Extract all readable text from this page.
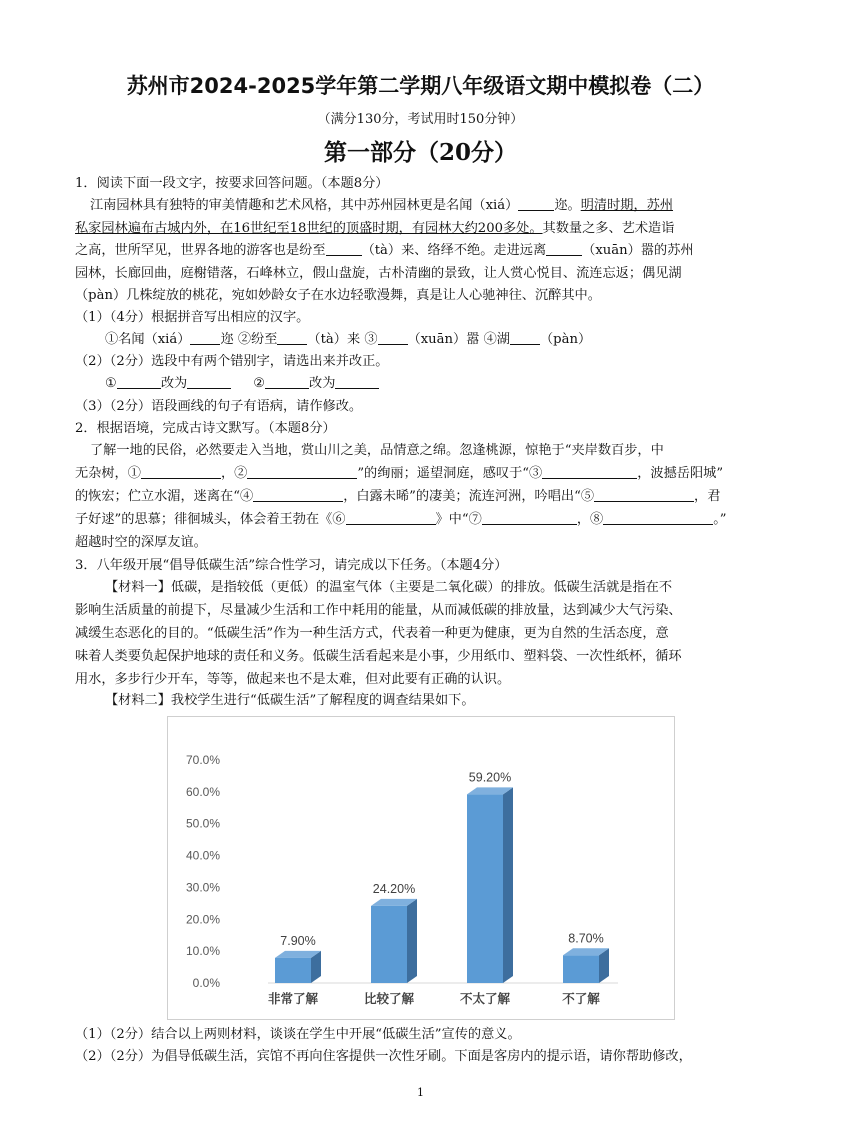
苏州市2024-2025学年第二学期八年级语文期中模拟卷（二）
（满分130分，考试用时150分钟）
第一部分（20分）
1．阅读下面一段文字，按要求回答问题。（本题8分）
江南园林具有独特的审美情趣和艺术风格，其中苏州园林更是名闻（xiá）	迩。明清时期，苏州
私家园林遍布古城内外，在16世纪至18世纪的顶盛时期，有园林大约200多处。其数量之多、艺术造诣
之高，世所罕见，世界各地的游客也是纷至	（tà）来、络绎不绝。走进远离	（xuān）嚣的苏州
园林，长廊回曲，庭榭错落，石峰林立，假山盘旋，古朴清幽的景致，让人赏心悦目、流连忘返；偶见湖
（pàn）几株绽放的桃花，宛如妙龄女子在水边轻歌漫舞，真是让人心驰神往、沉醉其中。
（1）（4分）根据拼音写出相应的汉字。
①名闻（xiá） 迩 ②纷至 （tà）来 ③ （xuān）嚣 ④湖 （pàn）
（2）（2分）选段中有两个错别字，请选出来并改正。
①	改为	②	改为
（3）（2分）语段画线的句子有语病，请作修改。
2．根据语境，完成古诗文默写。（本题8分）
了解一地的民俗，必然要走入当地，赏山川之美，品情意之绵。忽逢桃源，惊艳于“夹岸数百步，中
无杂树，①	，②	”的绚丽；遥望洞庭，感叹于“③	，波撼岳阳城”
的恢宏；伫立水湄，迷离在“④	，白露未晞”的凄美；流连河洲，吟唱出“⑤	，君
子好逑”的思慕；徘徊城头，体会着王勃在《⑥	》中“⑦	，⑧	。”
超越时空的深厚友谊。
3．八年级开展“倡导低碳生活”综合性学习，请完成以下任务。（本题4分）
【材料一】低碳，是指较低（更低）的温室气体（主要是二氧化碳）的排放。低碳生活就是指在不
影响生活质量的前提下，尽量减少生活和工作中耗用的能量，从而减低碳的排放量，达到减少大气污染、
减缓生态恶化的目的。“低碳生活”作为一种生活方式，代表着一种更为健康，更为自然的生活态度，意
味着人类要负起保护地球的责任和义务。低碳生活看起来是小事，少用纸巾、塑料袋、一次性纸杯，循环
用水，多步行少开车，等等，做起来也不是太难，但对此要有正确的认识。
【材料二】我校学生进行“低碳生活”了解程度的调查结果如下。
0.0%
10.0%
20.0%
30.0%
40.0%
50.0%
60.0%
70.0%
7.90%
非常了解
24.20%
比较了解
59.20%
不太了解
8.70%
不了解
（1）（2分）结合以上两则材料，谈谈在学生中开展“低碳生活”宣传的意义。
（2）（2分）为倡导低碳生活，宾馆不再向住客提供一次性牙刷。下面是客房内的提示语，请你帮助修改，
1
